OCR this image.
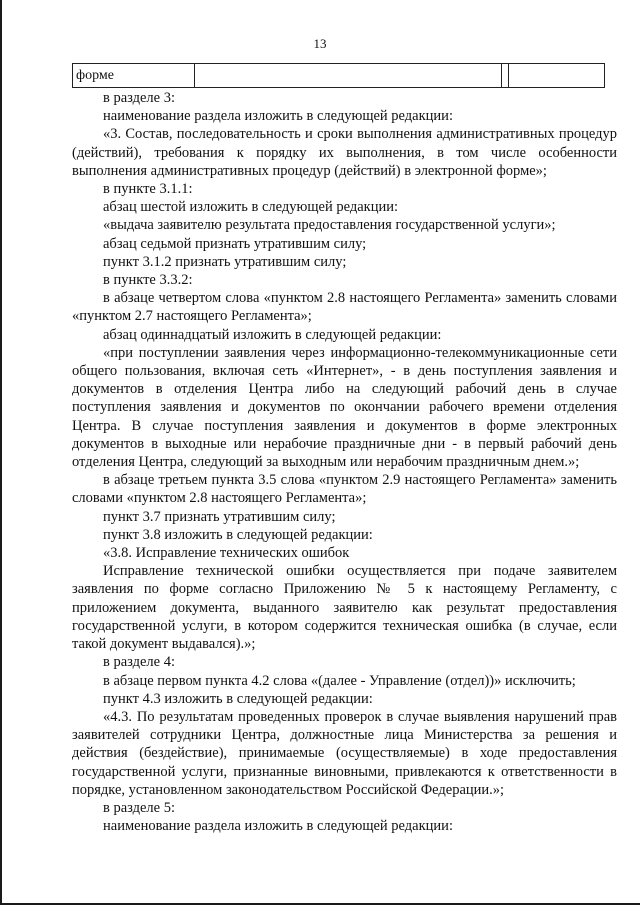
13
форме			

в разделе 3:

наименование раздела изложить в следующей редакции:

«3. Состав, последовательность и сроки выполнения административных процедур (действий), требования к порядку их выполнения, в том числе особенности выполнения административных процедур (действий) в электронной форме»;

в пункте 3.1.1:

абзац шестой изложить в следующей редакции:

«выдача заявителю результата предоставления государственной услуги»;

абзац седьмой признать утратившим силу;

пункт 3.1.2 признать утратившим силу;

в пункте 3.3.2:

в абзаце четвертом слова «пунктом 2.8 настоящего Регламента» заменить словами «пунктом 2.7 настоящего Регламента»;

абзац одиннадцатый изложить в следующей редакции:

«при поступлении заявления через информационно-телекоммуникационные сети общего пользования, включая сеть «Интернет», - в день поступления заявления и документов в отделения Центра либо на следующий рабочий день в случае поступления заявления и документов по окончании рабочего времени отделения Центра. В случае поступления заявления и документов в форме электронных документов в выходные или нерабочие праздничные дни - в первый рабочий день отделения Центра, следующий за выходным или нерабочим праздничным днем.»;

в абзаце третьем пункта 3.5 слова «пунктом 2.9 настоящего Регламента» заменить словами «пунктом 2.8 настоящего Регламента»;

пункт 3.7 признать утратившим силу;

пункт 3.8 изложить в следующей редакции:

«3.8. Исправление технических ошибок

Исправление технической ошибки осуществляется при подаче заявителем заявления по форме согласно Приложению № 5 к настоящему Регламенту, с приложением документа, выданного заявителю как результат предоставления государственной услуги, в котором содержится техническая ошибка (в случае, если такой документ выдавался).»;

в разделе 4:

в абзаце первом пункта 4.2 слова «(далее - Управление (отдел))» исключить;

пункт 4.3 изложить в следующей редакции:

«4.3. По результатам проведенных проверок в случае выявления нарушений прав заявителей сотрудники Центра, должностные лица Министерства за решения и действия (бездействие), принимаемые (осуществляемые) в ходе предоставления государственной услуги, признанные виновными, привлекаются к ответственности в порядке, установленном законодательством Российской Федерации.»;

в разделе 5:

наименование раздела изложить в следующей редакции:
